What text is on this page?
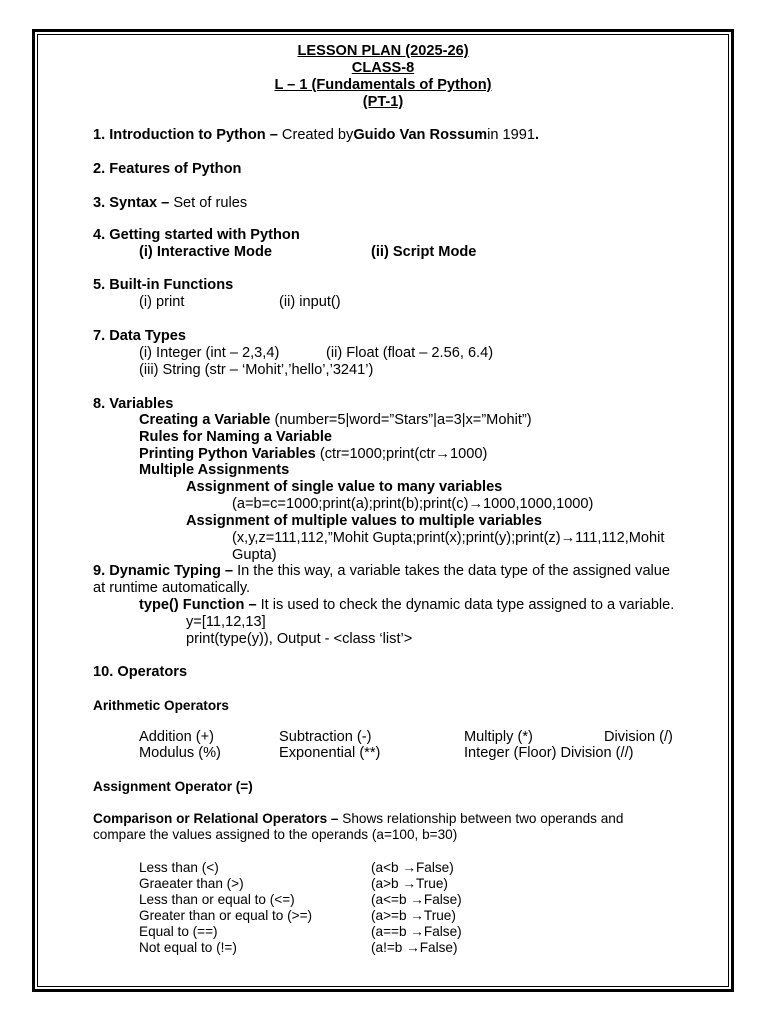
LESSON PLAN (2025-26)
CLASS-8
L – 1 (Fundamentals of Python)
(PT-1)
1. Introduction to Python – Created byGuido Van Rossumin 1991.
2. Features of Python
3. Syntax – Set of rules
4. Getting started with Python
(i) Interactive Mode	(ii) Script Mode
5. Built-in Functions
(i) print	(ii) input()
7. Data Types
(i) Integer (int – 2,3,4)	(ii) Float (float – 2.56, 6.4)
(iii) String (str – ‘Mohit’,’hello’,’3241’)
8. Variables
Creating a Variable (number=5|word=”Stars”|a=3|x=”Mohit”)
Rules for Naming a Variable
Printing Python Variables (ctr=1000;print(ctr→1000)
Multiple Assignments
Assignment of single value to many variables
(a=b=c=1000;print(a);print(b);print(c)→1000,1000,1000)
Assignment of multiple values to multiple variables
(x,y,z=111,112,”Mohit Gupta;print(x);print(y);print(z)→111,112,Mohit
Gupta)
9. Dynamic Typing – In the this way, a variable takes the data type of the assigned value
at runtime automatically.
type() Function – It is used to check the dynamic data type assigned to a variable.
y=[11,12,13]
print(type(y)), Output - <class ‘list’>
10. Operators
Arithmetic Operators
Addition (+)	Subtraction (-)	Multiply (*)	Division (/)
Modulus (%)	Exponential (**)	Integer (Floor) Division (//)
Assignment Operator (=)
Comparison or Relational Operators – Shows relationship between two operands and
compare the values assigned to the operands (a=100, b=30)
Less than (<)	(a<b →False)
Graeater than (>)	(a>b →True)
Less than or equal to (<=)	(a<=b →False)
Greater than or equal to (>=)	(a>=b →True)
Equal to (==)	(a==b →False)
Not equal to (!=)	(a!=b →False)
